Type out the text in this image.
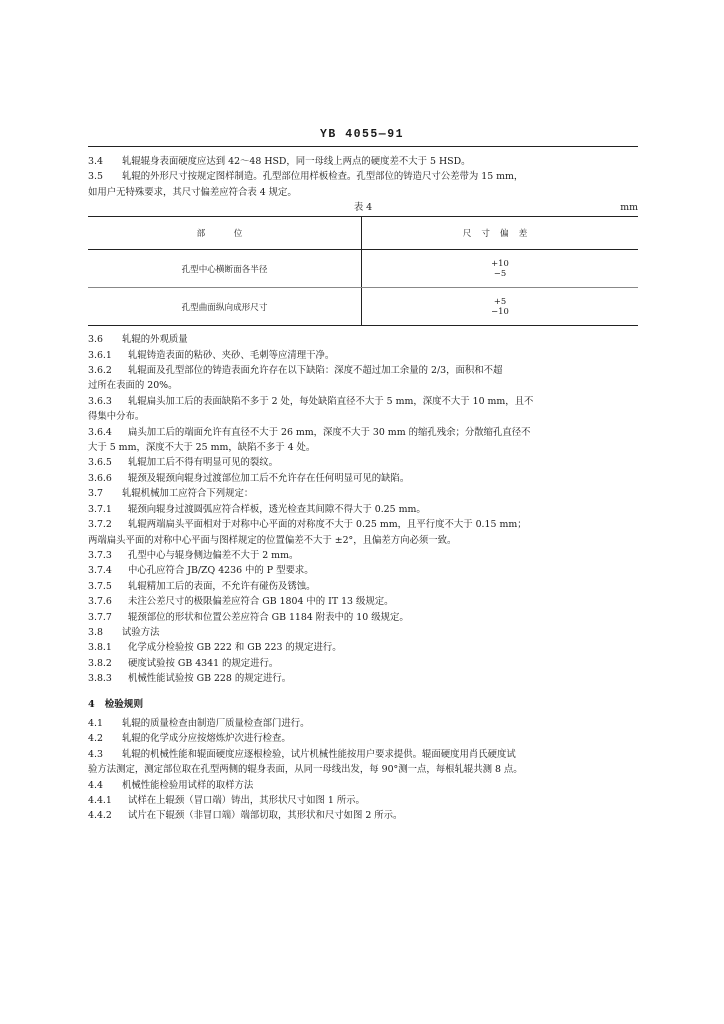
YB 4055—91
3.4 轧辊辊身表面硬度应达到 42～48 HSD，同一母线上两点的硬度差不大于 5 HSD。
3.5 轧辊的外形尺寸按规定图样制造。孔型部位用样板检查。孔型部位的铸造尺寸公差带为 15 mm，
如用户无特殊要求，其尺寸偏差应符合表 4 规定。
表 4	mm
部　位	尺寸偏差
孔型中心横断面各半径	+10
−5

孔型曲面纵向成形尺寸	+5
−10
3.6 轧辊的外观质量
3.6.1 轧辊铸造表面的粘砂、夹砂、毛刺等应清理干净。
3.6.2 轧辊面及孔型部位的铸造表面允许存在以下缺陷：深度不超过加工余量的 2/3，面积和不超
过所在表面的 20%。
3.6.3 轧辊扁头加工后的表面缺陷不多于 2 处，每处缺陷直径不大于 5 mm，深度不大于 10 mm，且不
得集中分布。
3.6.4 扁头加工后的端面允许有直径不大于 26 mm，深度不大于 30 mm 的缩孔残余；分散缩孔直径不
大于 5 mm，深度不大于 25 mm，缺陷不多于 4 处。
3.6.5 轧辊加工后不得有明显可见的裂纹。
3.6.6 辊颈及辊颈向辊身过渡部位加工后不允许存在任何明显可见的缺陷。
3.7 轧辊机械加工应符合下列规定：
3.7.1 辊颈向辊身过渡圆弧应符合样板，透光检查其间隙不得大于 0.25 mm。
3.7.2 轧辊两端扁头平面相对于对称中心平面的对称度不大于 0.25 mm，且平行度不大于 0.15 mm；
两端扁头平面的对称中心平面与图样规定的位置偏差不大于 ±2°，且偏差方向必须一致。
3.7.3 孔型中心与辊身侧边偏差不大于 2 mm。
3.7.4 中心孔应符合 JB/ZQ 4236 中的 P 型要求。
3.7.5 轧辊精加工后的表面，不允许有碰伤及锈蚀。
3.7.6 未注公差尺寸的极限偏差应符合 GB 1804 中的 IT 13 级规定。
3.7.7 辊颈部位的形状和位置公差应符合 GB 1184 附表中的 10 级规定。
3.8 试验方法
3.8.1 化学成分检验按 GB 222 和 GB 223 的规定进行。
3.8.2 硬度试验按 GB 4341 的规定进行。
3.8.3 机械性能试验按 GB 228 的规定进行。
4 检验规则
4.1 轧辊的质量检查由制造厂质量检查部门进行。
4.2 轧辊的化学成分应按熔炼炉次进行检查。
4.3 轧辊的机械性能和辊面硬度应逐根检验，试片机械性能按用户要求提供。辊面硬度用肖氏硬度试
验方法测定，测定部位取在孔型两侧的辊身表面，从同一母线出发，每 90°测一点，每根轧辊共测 8 点。
4.4 机械性能检验用试样的取样方法
4.4.1 试样在上辊颈（冒口端）铸出，其形状尺寸如图 1 所示。
4.4.2 试片在下辊颈（非冒口端）端部切取，其形状和尺寸如图 2 所示。
